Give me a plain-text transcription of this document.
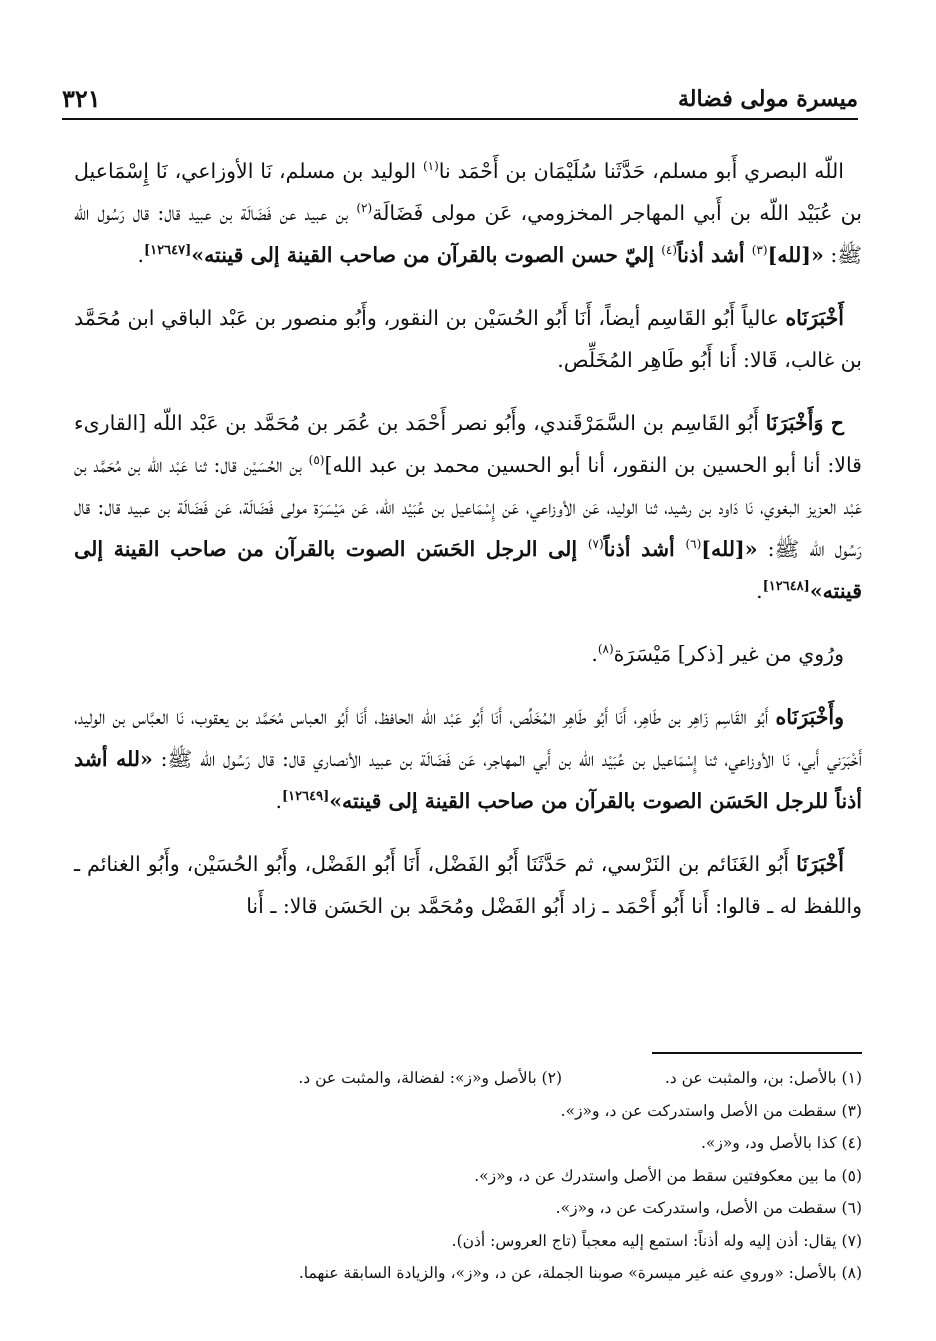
ميسرة مولى فضالة
٣٢١

اللّه البصري أَبو مسلم، حَدَّثَنا سُلَيْمَان بن أَحْمَد نا$^{(١)}$ الوليد بن مسلم، نَا الأوزاعي، نَا إِسْمَاعيل بن عُبَيْد اللّه بن أَبي المهاجر المخزومي، عَن مولى فَضَالَة$^{(٢)}$ بن عبيد عن فَضَالَة بن عبيد قال: قال رَسُول اللّه ﷺ: «[لله]$^{(٣)}$ أشد أذناً$^{(٤)}$ إليّ حسن الصوت بالقرآن من صاحب القينة إلى قينته»[١٢٦٤٧].

أَخْبَرَنَاه عالياً أَبُو القَاسِم أيضاً، أَنَا أَبُو الحُسَيْن بن النقور، وأَبُو منصور بن عَبْد الباقي ابن مُحَمَّد بن غالب، قَالا: أَنا أَبُو طَاهِر المُخَلِّص.

ح وَأَخْبَرَنَا أَبُو القَاسِم بن السَّمَرْقَندي، وأَبُو نصر أَحْمَد بن عُمَر بن مُحَمَّد بن عَبْد اللّه [القارىء قالا: أنا أبو الحسين بن النقور، أنا أبو الحسين محمد بن عبد الله]$^{(٥)}$ بن الحُسَيْن قال: ثنا عَبْد اللّه بن مُحَمَّد بن عَبْد العزيز البغوي، نَا دَاود بن رشيد، ثنا الوليد، عَن الأوزاعي، عَن إِسْمَاعيل بن عُبَيْد اللّه، عَن مَيْسَرَة مولى فَضَالَة، عَن فَضَالَة بن عبيد قال: قال رَسُول اللّه ﷺ: «[لله]$^{(٦)}$ أشد أذناً$^{(٧)}$ إلى الرجل الحَسَن الصوت بالقرآن من صاحب القينة إلى قينته»[١٢٦٤٨].

ورُوي من غير [ذكر] مَيْسَرَة$^{(٨)}$.

وأَخْبَرَنَاه أَبُو القَاسِم زَاهِر بن طَاهِر، أَنَا أَبُو طَاهِر المُخَلِّص، أَنَا أَبُو عَبْد اللّه الحافظ، أَنَا أَبُو العباس مُحَمَّد بن يعقوب، نَا العبَّاس بن الوليد، أَخْبَرَني أَبي، نَا الأوزاعي، ثنا إِسْمَاعيل بن عُبَيْد اللّه بن أَبي المهاجر، عَن فَضَالَة بن عبيد الأنصاري قال: قال رَسُول اللّه ﷺ: «لله أشد أذناً للرجل الحَسَن الصوت بالقرآن من صاحب القينة إلى قينته»[١٢٦٤٩].

أَخْبَرَنَا أَبُو الغَنَائم بن النَرْسي، ثم حَدَّثَنَا أَبُو الفَضْل، أَنَا أَبُو الفَضْل، وأَبُو الحُسَيْن، وأَبُو الغنائم ـ واللفظ له ـ قالوا: أَنا أَبُو أَحْمَد ـ زاد أَبُو الفَضْل ومُحَمَّد بن الحَسَن قالا: ـ أَنا

(١) بالأصل: بن، والمثبت عن د.
(٢) بالأصل و«ز»: لفضالة، والمثبت عن د.
(٣) سقطت من الأصل واستدركت عن د، و«ز».
(٤) كذا بالأصل ود، و«ز».
(٥) ما بين معكوفتين سقط من الأصل واستدرك عن د، و«ز».
(٦) سقطت من الأصل، واستدركت عن د، و«ز».
(٧) يقال: أذن إليه وله أذناً: استمع إليه معجباً (تاج العروس: أذن).
(٨) بالأصل: «وروي عنه غير ميسرة» صوبنا الجملة، عن د، و«ز»، والزيادة السابقة عنهما.
